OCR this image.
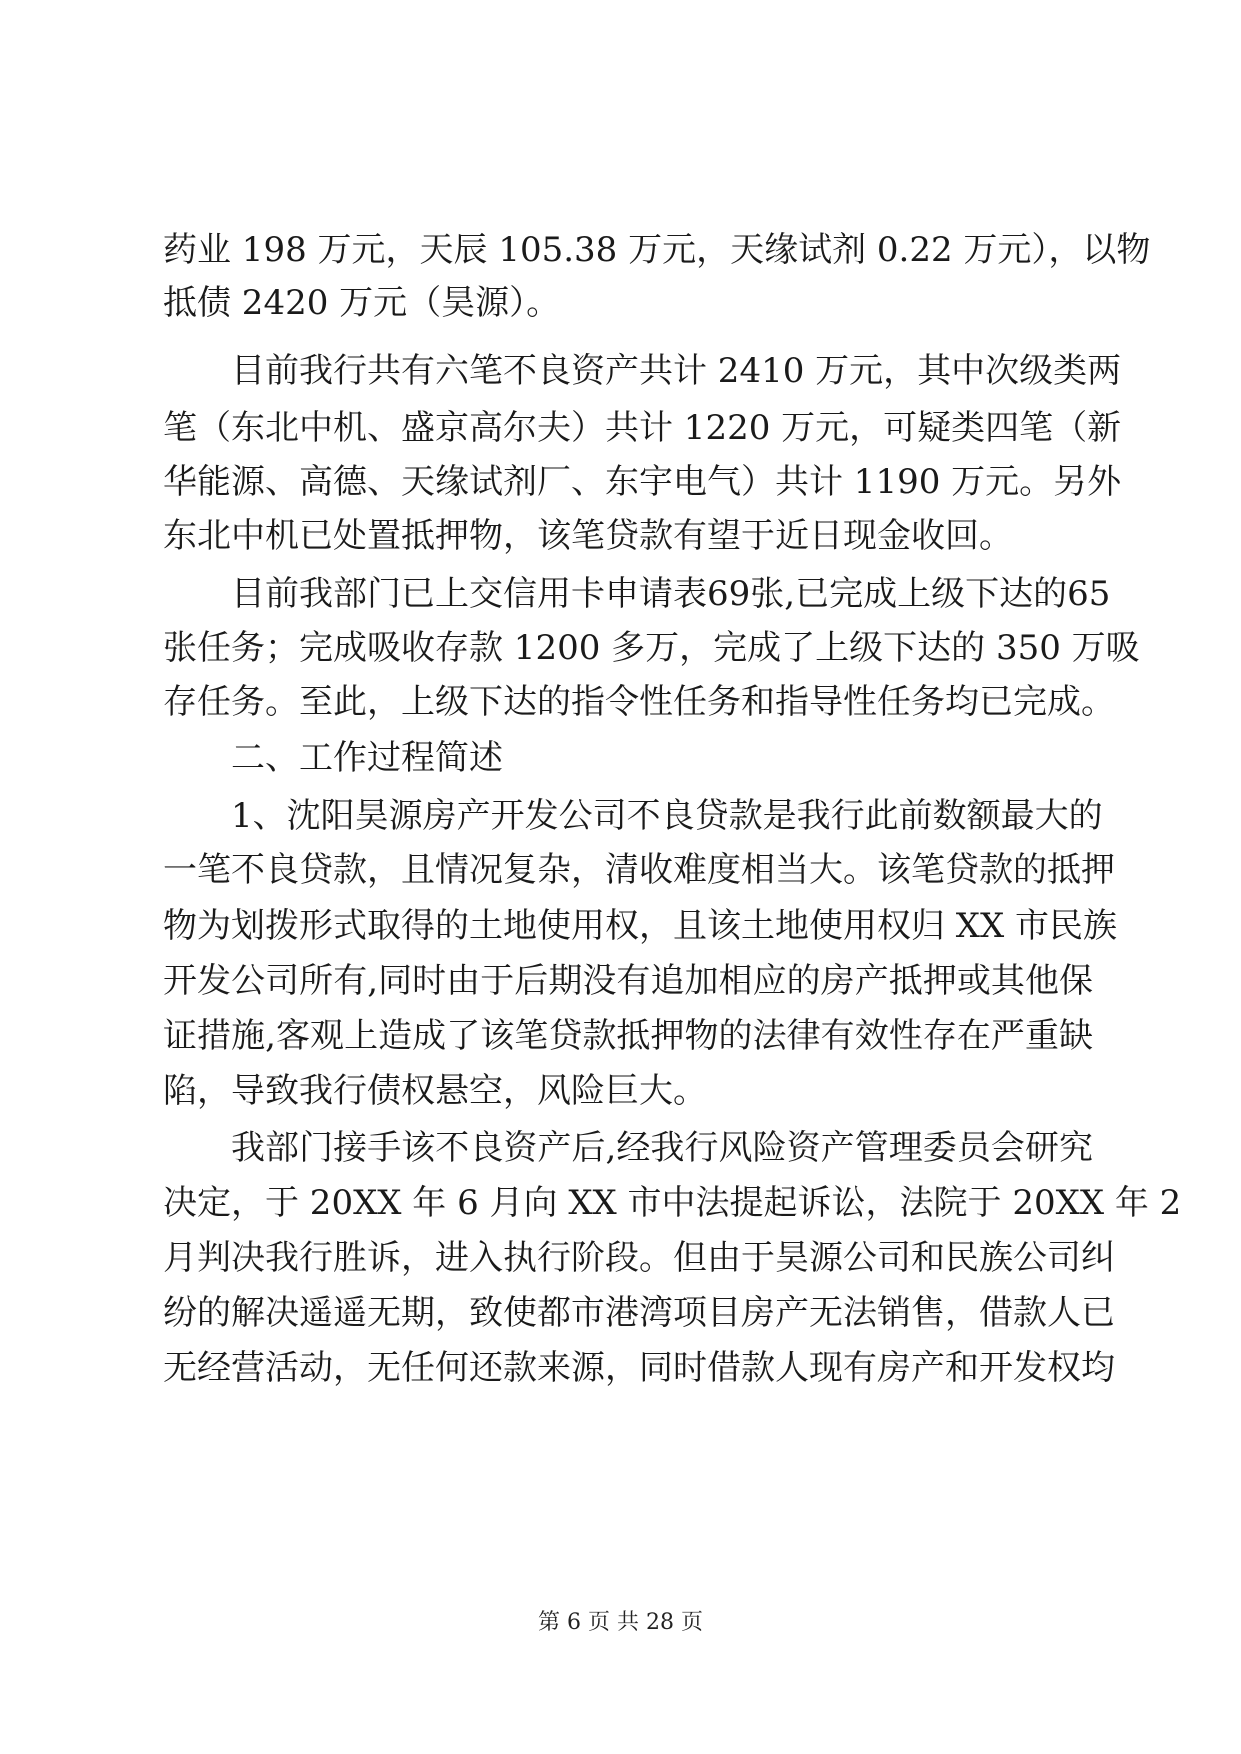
药业 198 万元，天辰 105.38 万元，天缘试剂 0.22 万元），以物
抵债 2420 万元（昊源）。
目前我行共有六笔不良资产共计 2410 万元，其中次级类两
笔（东北中机、盛京高尔夫）共计 1220 万元，可疑类四笔（新
华能源、高德、天缘试剂厂、东宇电气）共计 1190 万元。另外
东北中机已处置抵押物，该笔贷款有望于近日现金收回。
目前我部门已上交信用卡申请表69张,已完成上级下达的65
张任务；完成吸收存款 1200 多万，完成了上级下达的 350 万吸
存任务。至此，上级下达的指令性任务和指导性任务均已完成。
二、工作过程简述
1、沈阳昊源房产开发公司不良贷款是我行此前数额最大的
一笔不良贷款，且情况复杂，清收难度相当大。该笔贷款的抵押
物为划拨形式取得的土地使用权，且该土地使用权归 XX 市民族
开发公司所有,同时由于后期没有追加相应的房产抵押或其他保
证措施,客观上造成了该笔贷款抵押物的法律有效性存在严重缺
陷，导致我行债权悬空，风险巨大。
我部门接手该不良资产后,经我行风险资产管理委员会研究
决定，于 20XX 年 6 月向 XX 市中法提起诉讼，法院于 20XX 年 2
月判决我行胜诉，进入执行阶段。但由于昊源公司和民族公司纠
纷的解决遥遥无期，致使都市港湾项目房产无法销售，借款人已
无经营活动，无任何还款来源，同时借款人现有房产和开发权均
第 6 页 共 28 页
